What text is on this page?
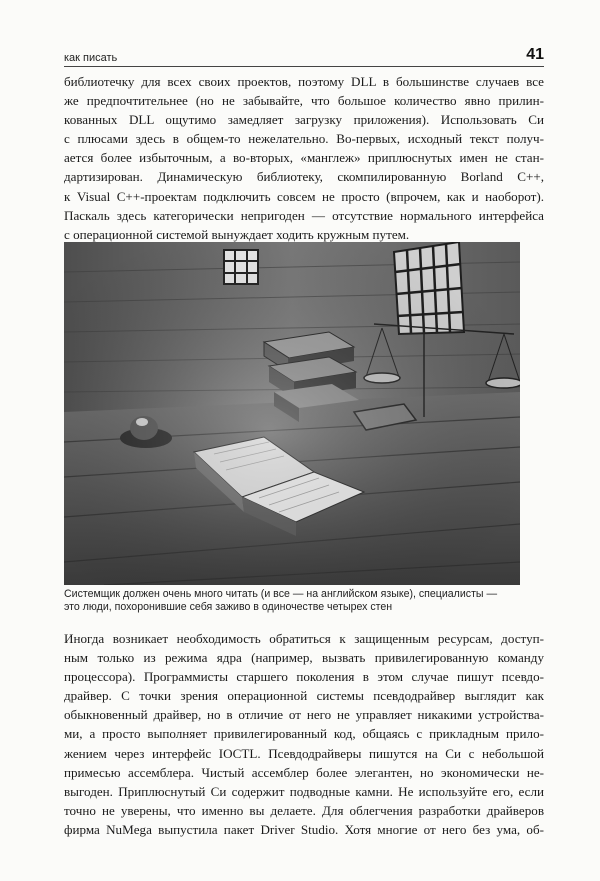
как писать	41
библиотечку для всех своих проектов, поэтому DLL в большинстве случаев все
же предпочтительнее (но не забывайте, что большое количество явно прилин-
кованных DLL ощутимо замедляет загрузку приложения). Использовать Си
с плюсами здесь в общем-то нежелательно. Во-первых, исходный текст получ-
ается более избыточным, а во-вторых, «манглеж» приплюснутых имен не стан-
дартизирован. Динамическую библиотеку, скомпилированную Borland C++,
к Visual C++-проектам подключить совсем не просто (впрочем, как и наоборот).
Паскаль здесь категорически непригоден — отсутствие нормального интерфейса
с операционной системой вынуждает ходить кружным путем.
Системщик должен очень много читать (и все — на английском языке), специалисты —
это люди, похоронившие себя заживо в одиночестве четырех стен
Иногда возникает необходимость обратиться к защищенным ресурсам, доступ-
ным только из режима ядра (например, вызвать привилегированную команду
процессора). Программисты старшего поколения в этом случае пишут псевдо-
драйвер. С точки зрения операционной системы псевдодрайвер выглядит как
обыкновенный драйвер, но в отличие от него не управляет никакими устройства-
ми, а просто выполняет привилегированный код, общаясь с прикладным прило-
жением через интерфейс IOCTL. Псевдодрайверы пишутся на Си с небольшой
примесью ассемблера. Чистый ассемблер более элегантен, но экономически не-
выгоден. Приплюснутый Си содержит подводные камни. Не используйте его, если
точно не уверены, что именно вы делаете. Для облегчения разработки драйверов
фирма NuMega выпустила пакет Driver Studio. Хотя многие от него без ума, об-
